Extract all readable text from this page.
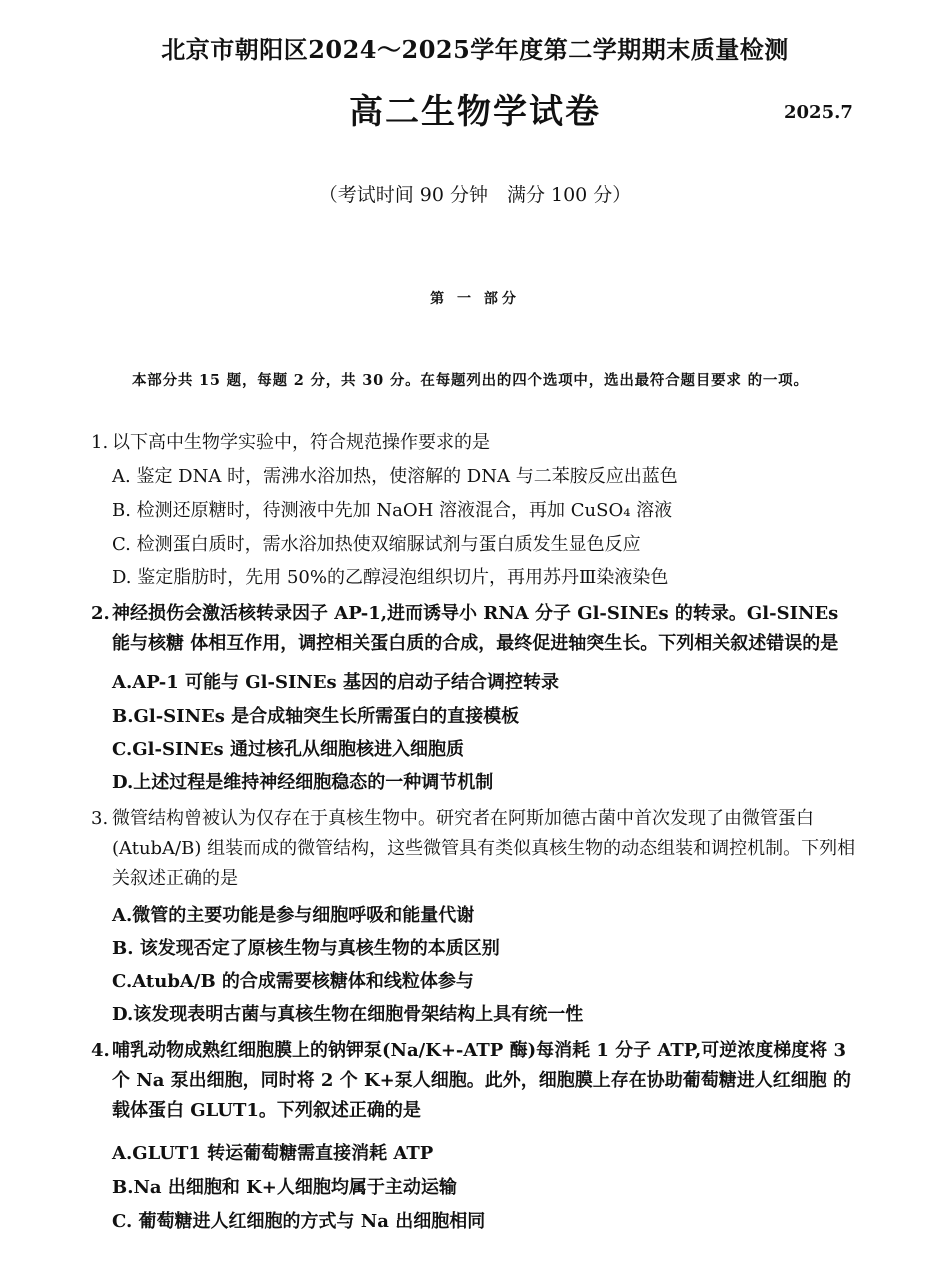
北京市朝阳区2024～2025学年度第二学期期末质量检测
高二生物学试卷	2025.7
（考试时间 90 分钟　满分 100 分）
第 一 部分
本部分共 15 题，每题 2 分，共 30 分。在每题列出的四个选项中，选出最符合题目要求 的一项。
1. 以下高中生物学实验中，符合规范操作要求的是
A. 鉴定 DNA 时，需沸水浴加热，使溶解的 DNA 与二苯胺反应出蓝色
B. 检测还原糖时，待测液中先加 NaOH 溶液混合，再加 CuSO₄ 溶液
C. 检测蛋白质时，需水浴加热使双缩脲试剂与蛋白质发生显色反应
D. 鉴定脂肪时，先用 50%的乙醇浸泡组织切片，再用苏丹Ⅲ染液染色
2. 神经损伤会激活核转录因子 AP-1,进而诱导小 RNA 分子 Gl-SINEs 的转录。Gl-SINEs 能与核糖 体相互作用，调控相关蛋白质的合成，最终促进轴突生长。下列相关叙述错误的是
A.AP-1 可能与 Gl-SINEs 基因的启动子结合调控转录
B.Gl-SINEs 是合成轴突生长所需蛋白的直接模板
C.Gl-SINEs 通过核孔从细胞核进入细胞质
D.上述过程是维持神经细胞稳态的一种调节机制
3. 微管结构曾被认为仅存在于真核生物中。研究者在阿斯加德古菌中首次发现了由微管蛋白(AtubA/B) 组装而成的微管结构，这些微管具有类似真核生物的动态组装和调控机制。下列相关叙述正确的是
A.微管的主要功能是参与细胞呼吸和能量代谢
B. 该发现否定了原核生物与真核生物的本质区别
C.AtubA/B 的合成需要核糖体和线粒体参与
D.该发现表明古菌与真核生物在细胞骨架结构上具有统一性
4. 哺乳动物成熟红细胞膜上的钠钾泵(Na/K+-ATP 酶)每消耗 1 分子 ATP,可逆浓度梯度将 3 个 Na 泵出细胞，同时将 2 个 K+泵人细胞。此外，细胞膜上存在协助葡萄糖进人红细胞 的载体蛋白 GLUT1。下列叙述正确的是
A.GLUT1 转运葡萄糖需直接消耗 ATP
B.Na 出细胞和 K+人细胞均属于主动运输
C. 葡萄糖进人红细胞的方式与 Na 出细胞相同
